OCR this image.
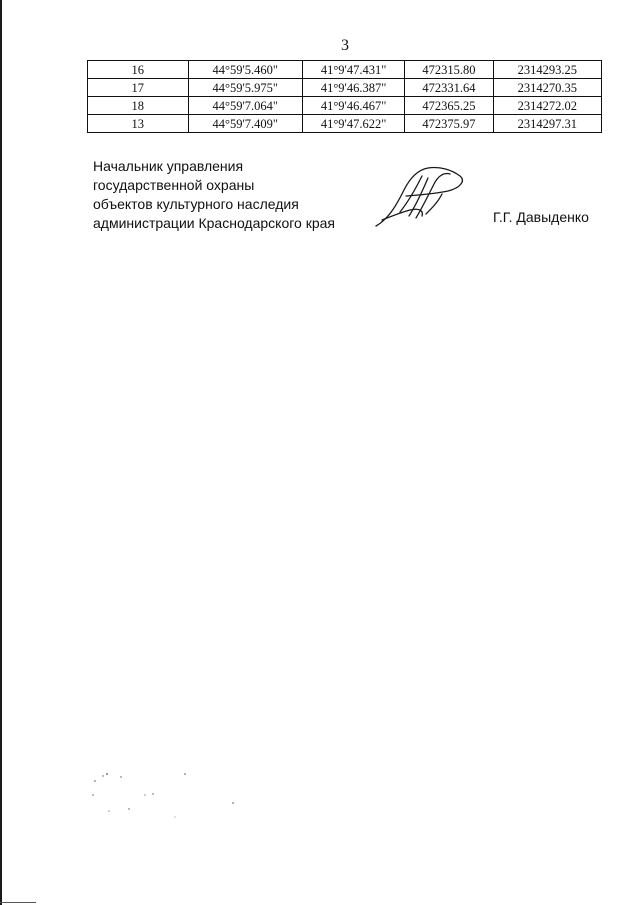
3
16	44°59'5.460"	41°9'47.431"	472315.80	2314293.25
17	44°59'5.975"	41°9'46.387"	472331.64	2314270.35
18	44°59'7.064"	41°9'46.467"	472365.25	2314272.02
13	44°59'7.409"	41°9'47.622"	472375.97	2314297.31
Начальник управления
государственной охраны
объектов культурного наследия
администрации Краснодарского края	Г.Г. Давыденко
